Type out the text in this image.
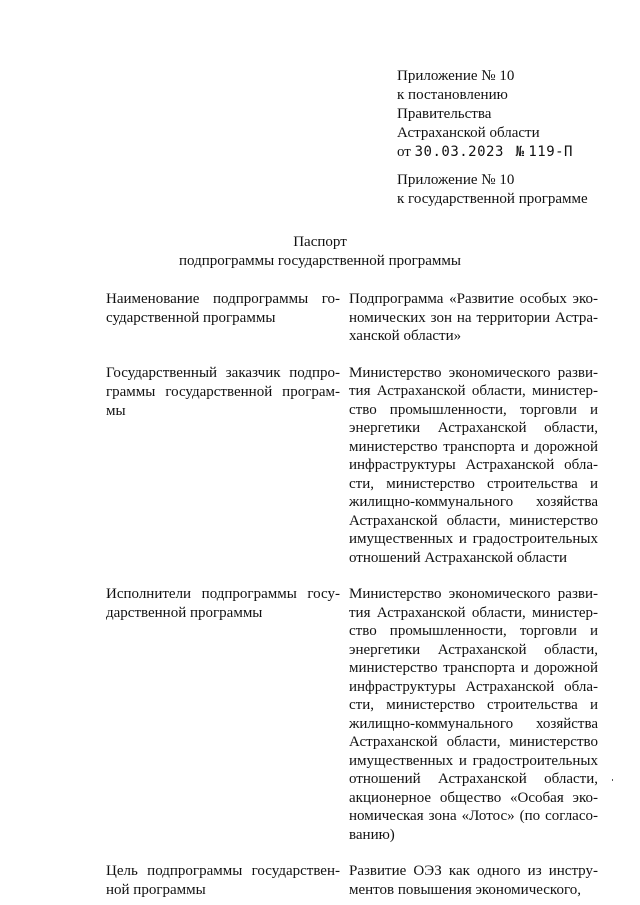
Приложение № 10
к постановлению
Правительства
Астраханской области
от 30.03.2023 № 119-П
Приложение № 10
к государственной программе
Паспорт
подпрограммы государственной программы
Наименование подпрограммы государственной программы
Подпрограмма «Развитие особых экономических зон на территории Астраханской области»
Государственный заказчик подпрограммы государственной программы
Министерство экономического развития Астраханской области, министерство промышленности, торговли и энергетики Астраханской области, министерство транспорта и дорожной инфраструктуры Астраханской области, министерство строительства и жилищно-коммунального хозяйства Астраханской области, министерство имущественных и градостроительных отношений Астраханской области
Исполнители подпрограммы государственной программы
Министерство экономического развития Астраханской области, министерство промышленности, торговли и энергетики Астраханской области, министерство транспорта и дорожной инфраструктуры Астраханской области, министерство строительства и жилищно-коммунального хозяйства Астраханской области, министерство имущественных и градостроительных отношений Астраханской области, акционерное общество «Особая экономическая зона «Лотос» (по согласованию)
Цель подпрограммы государственной программы
Развитие ОЭЗ как одного из инструментов повышения экономического,
